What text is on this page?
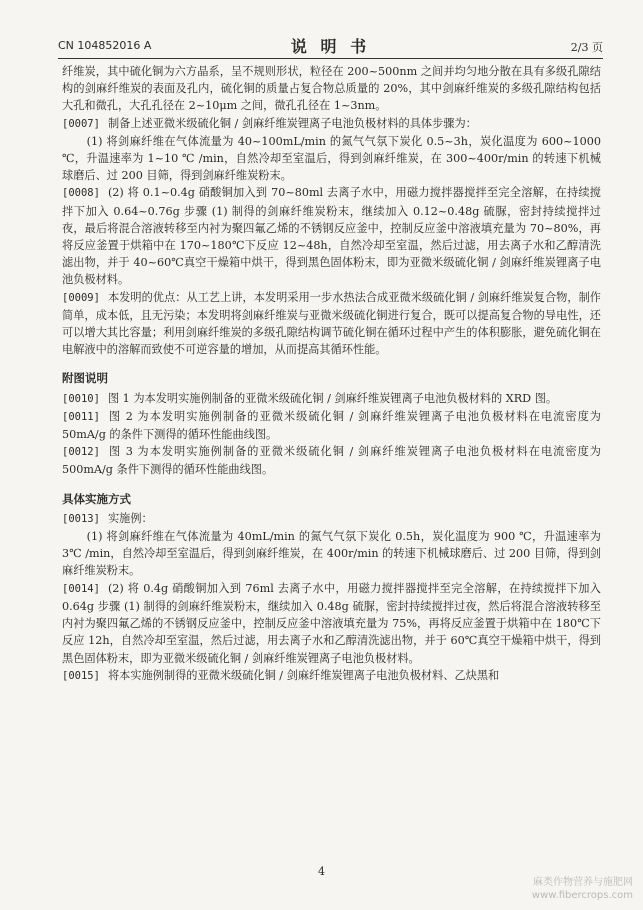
CN 104852016 A	说 明 书	2/3 页

纤维炭，其中硫化铜为六方晶系，呈不规则形状，粒径在 200~500nm 之间并均匀地分散在具有多级孔隙结构的剑麻纤维炭的表面及孔内，硫化铜的质量占复合物总质量的 20%，其中剑麻纤维炭的多级孔隙结构包括大孔和微孔，大孔孔径在 2~10μm 之间，微孔孔径在 1~3nm。

[0007] 制备上述亚微米级硫化铜 / 剑麻纤维炭锂离子电池负极材料的具体步骤为：

(1) 将剑麻纤维在气体流量为 40~100mL/min 的氮气气氛下炭化 0.5~3h，炭化温度为 600~1000 ℃，升温速率为 1~10 ℃ /min，自然冷却至室温后，得到剑麻纤维炭，在 300~400r/min 的转速下机械球磨后、过 200 目筛，得到剑麻纤维炭粉末。

[0008] (2) 将 0.1~0.4g 硝酸铜加入到 70~80ml 去离子水中，用磁力搅拌器搅拌至完全溶解，在持续搅拌下加入 0.64~0.76g 步骤 (1) 制得的剑麻纤维炭粉末，继续加入 0.12~0.48g 硫脲，密封持续搅拌过夜，最后将混合溶液转移至内衬为聚四氟乙烯的不锈钢反应釜中，控制反应釜中溶液填充量为 70~80%，再将反应釜置于烘箱中在 170~180℃下反应 12~48h，自然冷却至室温，然后过滤，用去离子水和乙醇清洗滤出物，并于 40~60℃真空干燥箱中烘干，得到黑色固体粉末，即为亚微米级硫化铜 / 剑麻纤维炭锂离子电池负极材料。

[0009] 本发明的优点：从工艺上讲，本发明采用一步水热法合成亚微米级硫化铜 / 剑麻纤维炭复合物，制作简单，成本低，且无污染；本发明将剑麻纤维炭与亚微米级硫化铜进行复合，既可以提高复合物的导电性，还可以增大其比容量；利用剑麻纤维炭的多级孔隙结构调节硫化铜在循环过程中产生的体积膨胀，避免硫化铜在电解液中的溶解而致使不可逆容量的增加，从而提高其循环性能。

附图说明

[0010] 图 1 为本发明实施例制备的亚微米级硫化铜 / 剑麻纤维炭锂离子电池负极材料的 XRD 图。

[0011] 图 2 为本发明实施例制备的亚微米级硫化铜 / 剑麻纤维炭锂离子电池负极材料在电流密度为 50mA/g 的条件下测得的循环性能曲线图。

[0012] 图 3 为本发明实施例制备的亚微米级硫化铜 / 剑麻纤维炭锂离子电池负极材料在电流密度为 500mA/g 条件下测得的循环性能曲线图。

具体实施方式

[0013] 实施例：

(1) 将剑麻纤维在气体流量为 40mL/min 的氮气气氛下炭化 0.5h，炭化温度为 900 ℃，升温速率为 3℃ /min，自然冷却至室温后，得到剑麻纤维炭，在 400r/min 的转速下机械球磨后、过 200 目筛，得到剑麻纤维炭粉末。

[0014] (2) 将 0.4g 硝酸铜加入到 76ml 去离子水中，用磁力搅拌器搅拌至完全溶解，在持续搅拌下加入 0.64g 步骤 (1) 制得的剑麻纤维炭粉末，继续加入 0.48g 硫脲，密封持续搅拌过夜，然后将混合溶液转移至内衬为聚四氟乙烯的不锈钢反应釜中，控制反应釜中溶液填充量为 75%，再将反应釜置于烘箱中在 180℃下反应 12h，自然冷却至室温，然后过滤，用去离子水和乙醇清洗滤出物，并于 60℃真空干燥箱中烘干，得到黑色固体粉末，即为亚微米级硫化铜 / 剑麻纤维炭锂离子电池负极材料。

[0015] 将本实施例制得的亚微米级硫化铜 / 剑麻纤维炭锂离子电池负极材料、乙炔黑和

4
麻类作物营养与施肥网
www.fibercrops.com
